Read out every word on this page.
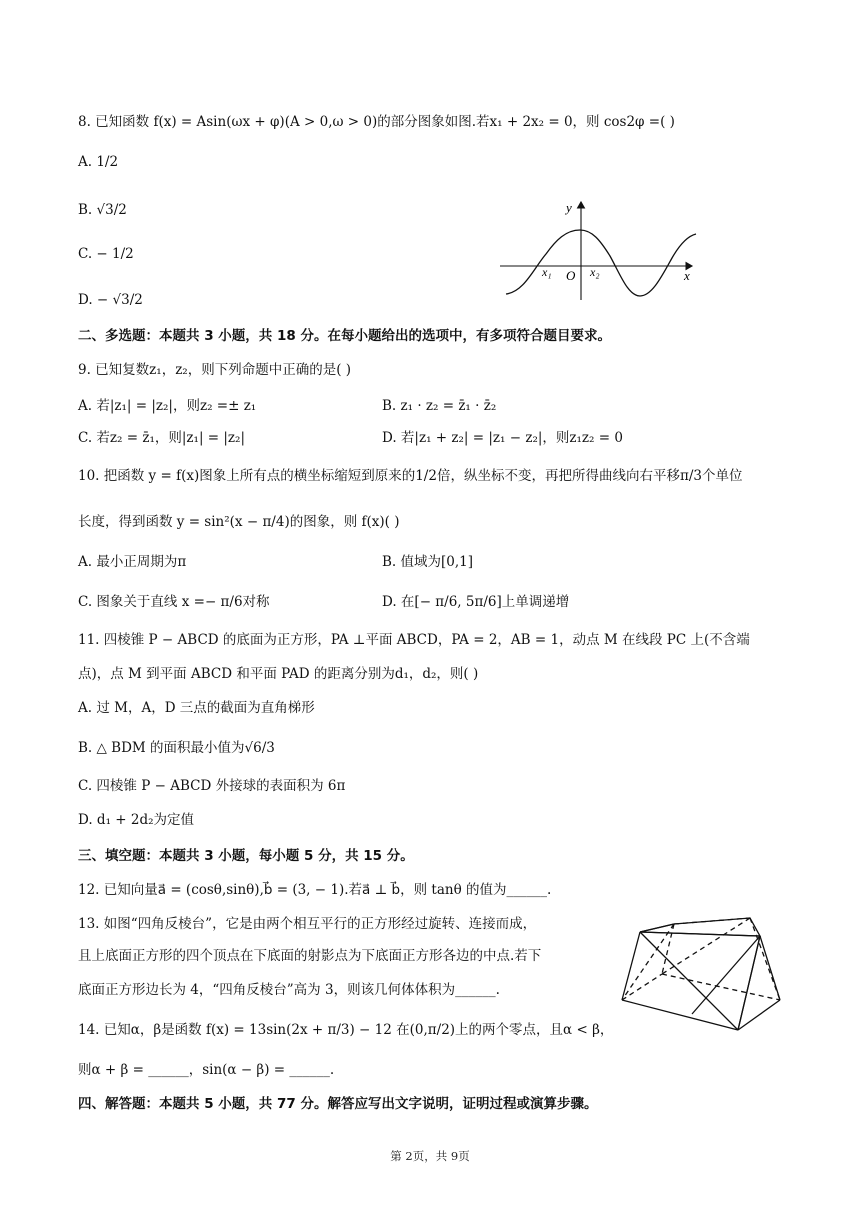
8. 已知函数 f(x) = Asin(ωx + φ)(A > 0,ω > 0)的部分图象如图.若x₁ + 2x₂ = 0，则 cos2φ =( )
A. 1/2
B. √3/2
C. − 1/2
D. − √3/2
y
x
O
x₁	x₂
二、多选题：本题共 3 小题，共 18 分。在每小题给出的选项中，有多项符合题目要求。
9. 已知复数z₁，z₂，则下列命题中正确的是( )
A. 若|z₁| = |z₂|，则z₂ =± z₁	B. z₁ · z₂ = z̄₁ · z̄₂
C. 若z₂ = z̄₁，则|z₁| = |z₂|	D. 若|z₁ + z₂| = |z₁ − z₂|，则z₁z₂ = 0
10. 把函数 y = f(x)图象上所有点的横坐标缩短到原来的1/2倍，纵坐标不变，再把所得曲线向右平移π/3个单位
长度，得到函数 y = sin²(x − π/4)的图象，则 f(x)( )
A. 最小正周期为π	B. 值域为[0,1]
C. 图象关于直线 x =− π/6对称	D. 在[− π/6, 5π/6]上单调递增
11. 四棱锥 P − ABCD 的底面为正方形，PA ⊥平面 ABCD，PA = 2，AB = 1，动点 M 在线段 PC 上(不含端
点)，点 M 到平面 ABCD 和平面 PAD 的距离分别为d₁，d₂，则( )
A. 过 M，A，D 三点的截面为直角梯形
B. △ BDM 的面积最小值为√6/3
C. 四棱锥 P − ABCD 外接球的表面积为 6π
D. d₁ + 2d₂为定值
三、填空题：本题共 3 小题，每小题 5 分，共 15 分。
12. 已知向量a⃗ = (cosθ,sinθ),b⃗ = (3, − 1).若a⃗ ⊥ b⃗，则 tanθ 的值为______.
13. 如图“四角反棱台”，它是由两个相互平行的正方形经过旋转、连接而成，
且上底面正方形的四个顶点在下底面的射影点为下底面正方形各边的中点.若下
底面正方形边长为 4，“四角反棱台”高为 3，则该几何体体积为______.
14. 已知α，β是函数 f(x) = 13sin(2x + π/3) − 12 在(0,π/2)上的两个零点，且α < β，
则α + β = ______，sin(α − β) = ______.
四、解答题：本题共 5 小题，共 77 分。解答应写出文字说明，证明过程或演算步骤。
第 2页，共 9页
